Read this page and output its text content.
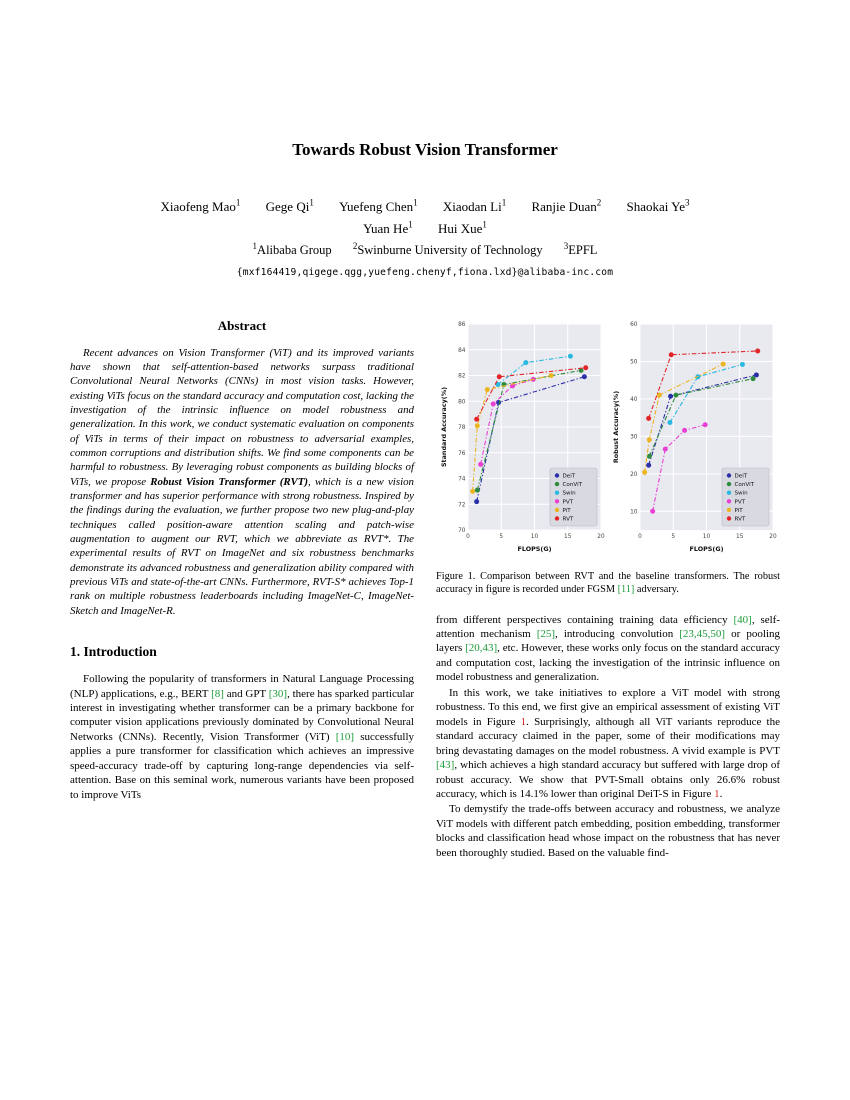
Towards Robust Vision Transformer
Xiaofeng Mao$^1$ Gege Qi$^1$ Yuefeng Chen$^1$ Xiaodan Li$^1$ Ranjie Duan$^2$ Shaokai Ye$^3$
Yuan He$^1$ Hui Xue$^1$
$^1$Alibaba Group $^2$Swinburne University of Technology $^3$EPFL
{mxf164419,qigege.qgg,yuefeng.chenyf,fiona.lxd}@alibaba-inc.com
Abstract

Recent advances on Vision Transformer (ViT) and its improved variants have shown that self-attention-based networks surpass traditional Convolutional Neural Networks (CNNs) in most vision tasks. However, existing ViTs focus on the standard accuracy and computation cost, lacking the investigation of the intrinsic influence on model robustness and generalization. In this work, we conduct systematic evaluation on components of ViTs in terms of their impact on robustness to adversarial examples, common corruptions and distribution shifts. We find some components can be harmful to robustness. By leveraging robust components as building blocks of ViTs, we propose Robust Vision Transformer (RVT), which is a new vision transformer and has superior performance with strong robustness. Inspired by the findings during the evaluation, we further propose two new plug-and-play techniques called position-aware attention scaling and patch-wise augmentation to augment our RVT, which we abbreviate as RVT*. The experimental results of RVT on ImageNet and six robustness benchmarks demonstrate its advanced robustness and generalization ability compared with previous ViTs and state-of-the-art CNNs. Furthermore, RVT-S* achieves Top-1 rank on multiple robustness leaderboards including ImageNet-C, ImageNet-Sketch and ImageNet-R.

1. Introduction

Following the popularity of transformers in Natural Language Processing (NLP) applications, e.g., BERT [8] and GPT [30], there has sparked particular interest in investigating whether transformer can be a primary backbone for computer vision applications previously dominated by Convolutional Neural Networks (CNNs). Recently, Vision Transformer (ViT) [10] successfully applies a pure transformer for classification which achieves an impressive speed-accuracy trade-off by capturing long-range dependencies via self-attention. Base on this seminal work, numerous variants have been proposed to improve ViTs

0	5	10	15	20
70
72
74
76
78
80
82
84
86
FLOPS(G)
Standard Accuracy(%)
DeiT
ConViT
Swin
PVT
PiT
RVT
0	5	10	15	20
10
20
30
40
50
60
FLOPS(G)
Robust Accuracy(%)
DeiT
ConViT
Swin
PVT
PiT
RVT
Figure 1. Comparison between RVT and the baseline transformers. The robust accuracy in figure is recorded under FGSM [11] adversary.

from different perspectives containing training data efficiency [40], self-attention mechanism [25], introducing convolution [23,45,50] or pooling layers [20,43], etc. However, these works only focus on the standard accuracy and computation cost, lacking the investigation of the intrinsic influence on model robustness and generalization.

In this work, we take initiatives to explore a ViT model with strong robustness. To this end, we first give an empirical assessment of existing ViT models in Figure 1. Surprisingly, although all ViT variants reproduce the standard accuracy claimed in the paper, some of their modifications may bring devastating damages on the model robustness. A vivid example is PVT [43], which achieves a high standard accuracy but suffered with large drop of robust accuracy. We show that PVT-Small obtains only 26.6% robust accuracy, which is 14.1% lower than original DeiT-S in Figure 1.

To demystify the trade-offs between accuracy and robustness, we analyze ViT models with different patch embedding, position embedding, transformer blocks and classification head whose impact on the robustness that has never been thoroughly studied. Based on the valuable find-
